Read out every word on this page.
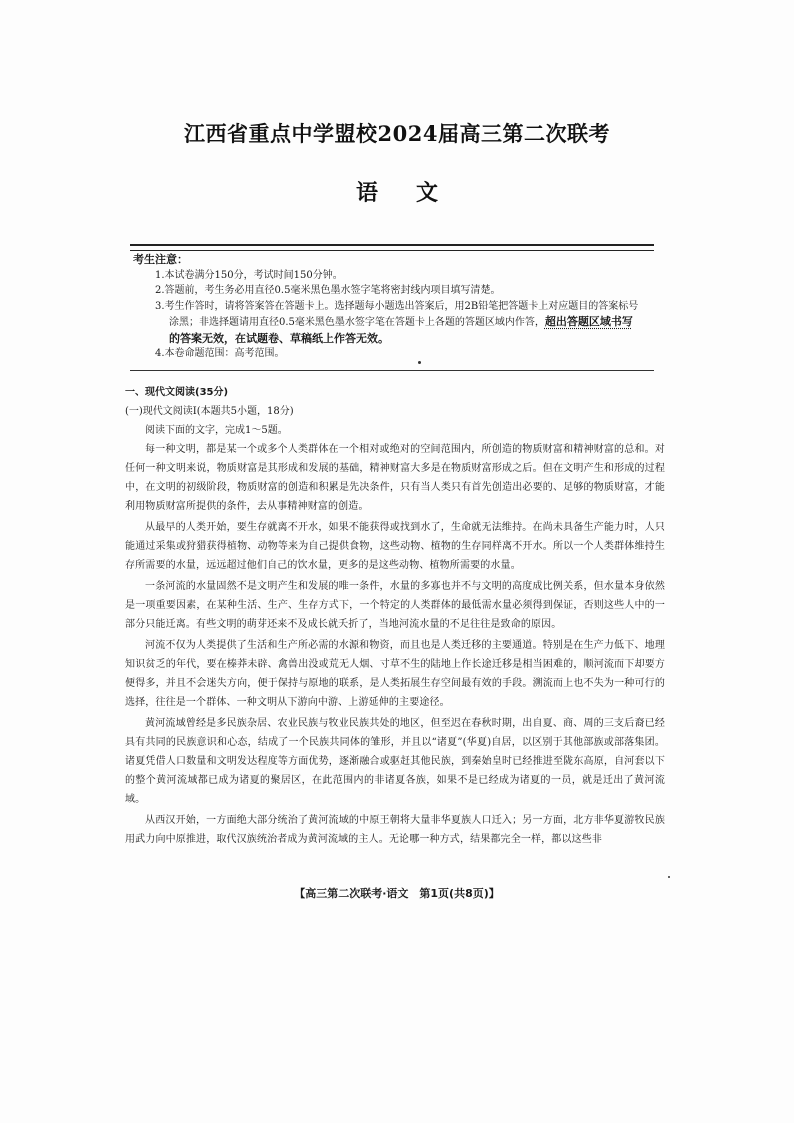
江西省重点中学盟校2024届高三第二次联考
语文
考生注意：
1.本试卷满分150分，考试时间150分钟。
2.答题前，考生务必用直径0.5毫米黑色墨水签字笔将密封线内项目填写清楚。
3.考生作答时，请将答案答在答题卡上。选择题每小题选出答案后，用2B铅笔把答题卡上对应题目的答案标号
涂黑；非选择题请用直径0.5毫米黑色墨水签字笔在答题卡上各题的答题区域内作答，超出答题区域书写
的答案无效，在试题卷、草稿纸上作答无效。
4.本卷命题范围：高考范围。
一、现代文阅读(35分)
(一)现代文阅读Ⅰ(本题共5小题，18分)
阅读下面的文字，完成1～5题。

每一种文明，都是某一个或多个人类群体在一个相对或绝对的空间范围内，所创造的物质财富和精神财富的总和。对任何一种文明来说，物质财富是其形成和发展的基础，精神财富大多是在物质财富形成之后。但在文明产生和形成的过程中，在文明的初级阶段，物质财富的创造和积累是先决条件，只有当人类只有首先创造出必要的、足够的物质财富，才能利用物质财富所提供的条件，去从事精神财富的创造。

从最早的人类开始，要生存就离不开水，如果不能获得或找到水了，生命就无法维持。在尚未具备生产能力时，人只能通过采集或狩猎获得植物、动物等来为自己提供食物，这些动物、植物的生存同样离不开水。所以一个人类群体维持生存所需要的水量，远远超过他们自己的饮水量，更多的是这些动物、植物所需要的水量。

一条河流的水量固然不是文明产生和发展的唯一条件，水量的多寡也并不与文明的高度成比例关系，但水量本身依然是一项重要因素，在某种生活、生产、生存方式下，一个特定的人类群体的最低需水量必须得到保证，否则这些人中的一部分只能迁离。有些文明的萌芽还来不及成长就夭折了，当地河流水量的不足往往是致命的原因。

河流不仅为人类提供了生活和生产所必需的水源和物资，而且也是人类迁移的主要通道。特别是在生产力低下、地理知识贫乏的年代，要在榛莽未辟、禽兽出没或荒无人烟、寸草不生的陆地上作长途迁移是相当困难的，顺河流而下却要方便得多，并且不会迷失方向，便于保持与原地的联系，是人类拓展生存空间最有效的手段。溯流而上也不失为一种可行的选择，往往是一个群体、一种文明从下游向中游、上游延伸的主要途径。

黄河流域曾经是多民族杂居、农业民族与牧业民族共处的地区，但至迟在春秋时期，出自夏、商、周的三支后裔已经具有共同的民族意识和心态，结成了一个民族共同体的雏形，并且以“诸夏”(华夏)自居，以区别于其他部族或部落集团。诸夏凭借人口数量和文明发达程度等方面优势，逐渐融合或驱赶其他民族，到秦始皇时已经推进至陇东高原，自河套以下的整个黄河流域都已成为诸夏的聚居区，在此范围内的非诸夏各族，如果不是已经成为诸夏的一员，就是迁出了黄河流域。

从西汉开始，一方面绝大部分统治了黄河流域的中原王朝将大量非华夏族人口迁入；另一方面，北方非华夏游牧民族用武力向中原推进，取代汉族统治者成为黄河流域的主人。无论哪一种方式，结果都完全一样，都以这些非

【高三第二次联考·语文　第1页(共8页)】
